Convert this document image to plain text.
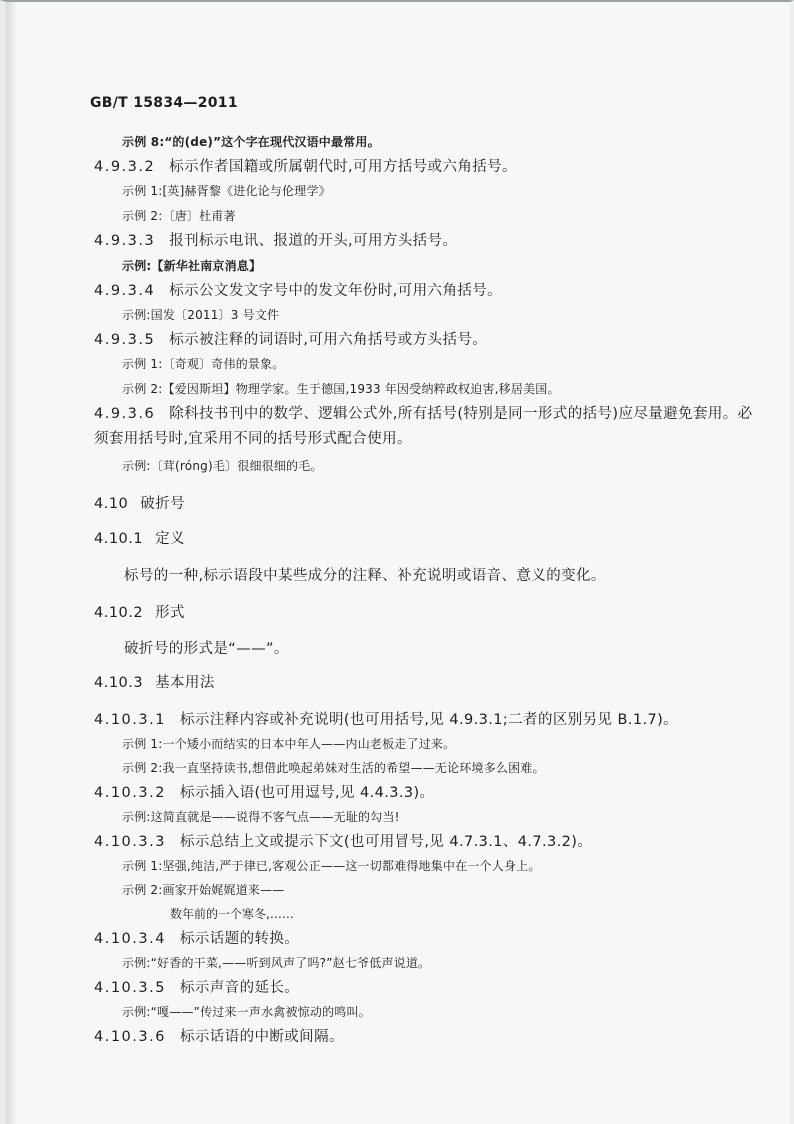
GB/T 15834—2011
示例 8:“的(de)”这个字在现代汉语中最常用。
4.9.3.2 标示作者国籍或所属朝代时,可用方括号或六角括号。
示例 1:[英]赫胥黎《进化论与伦理学》
示例 2:〔唐〕杜甫著
4.9.3.3 报刊标示电讯、报道的开头,可用方头括号。
示例:【新华社南京消息】
4.9.3.4 标示公文发文字号中的发文年份时,可用六角括号。
示例:国发〔2011〕3 号文件
4.9.3.5 标示被注释的词语时,可用六角括号或方头括号。
示例 1:〔奇观〕奇伟的景象。
示例 2:【爱因斯坦】物理学家。生于德国,1933 年因受纳粹政权迫害,移居美国。
4.9.3.6 除科技书刊中的数学、逻辑公式外,所有括号(特别是同一形式的括号)应尽量避免套用。必
须套用括号时,宜采用不同的括号形式配合使用。
示例:〔茸(róng)毛〕很细很细的毛。
4.10 破折号
4.10.1 定义
标号的一种,标示语段中某些成分的注释、补充说明或语音、意义的变化。
4.10.2 形式
破折号的形式是“——”。
4.10.3 基本用法
4.10.3.1 标示注释内容或补充说明(也可用括号,见 4.9.3.1;二者的区别另见 B.1.7)。
示例 1:一个矮小而结实的日本中年人——内山老板走了过来。
示例 2:我一直坚持读书,想借此唤起弟妹对生活的希望——无论环境多么困难。
4.10.3.2 标示插入语(也可用逗号,见 4.4.3.3)。
示例:这简直就是——说得不客气点——无耻的勾当!
4.10.3.3 标示总结上文或提示下文(也可用冒号,见 4.7.3.1、4.7.3.2)。
示例 1:坚强,纯洁,严于律已,客观公正——这一切都难得地集中在一个人身上。
示例 2:画家开始娓娓道来——
数年前的一个寒冬,……
4.10.3.4 标示话题的转换。
示例:“好香的干菜,——听到风声了吗?”赵七爷低声说道。
4.10.3.5 标示声音的延长。
示例:“嘎——”传过来一声水禽被惊动的鸣叫。
4.10.3.6 标示话语的中断或间隔。
